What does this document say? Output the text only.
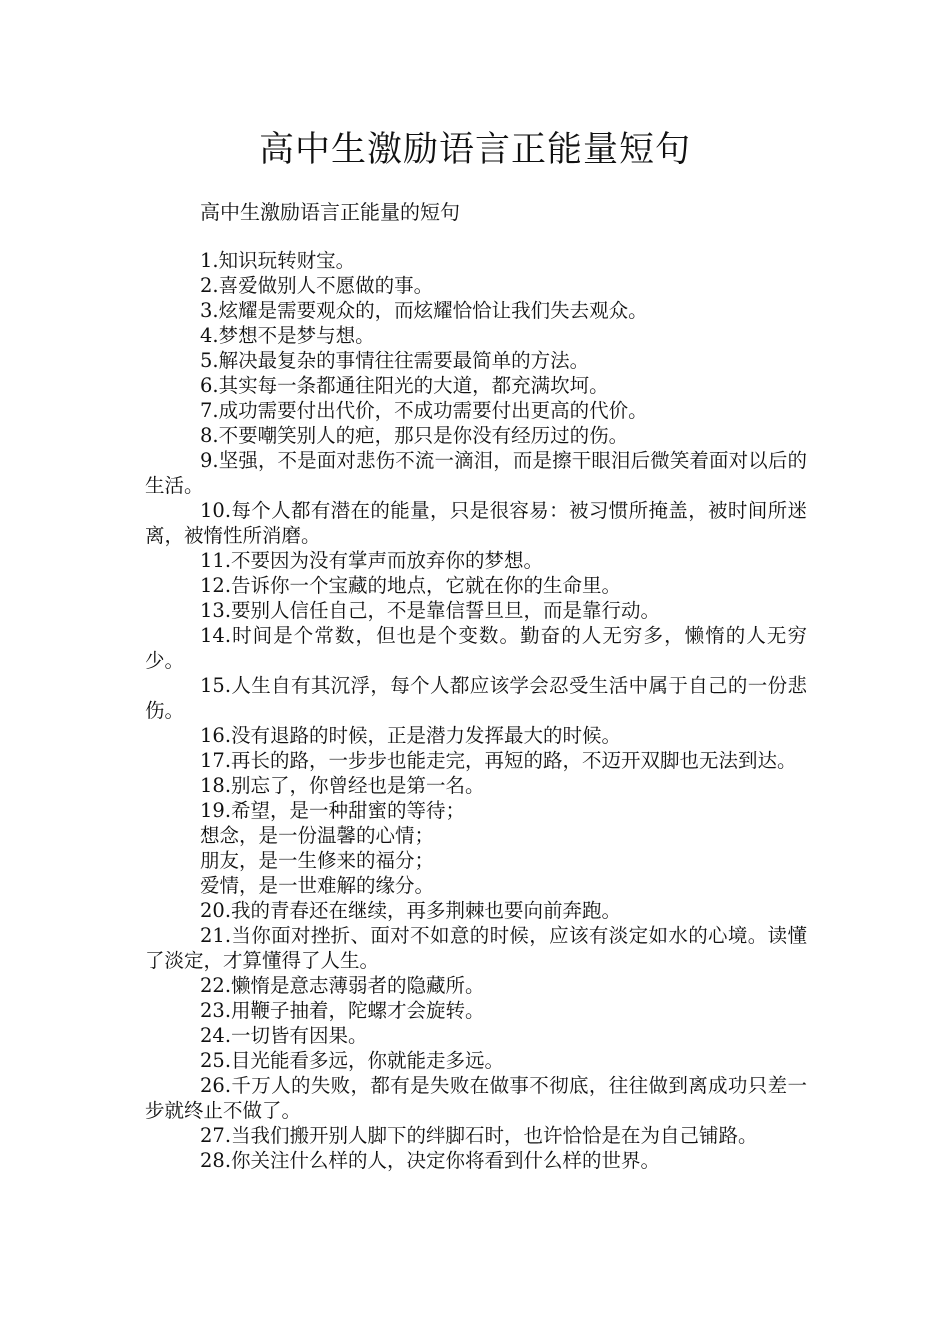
高中生激励语言正能量短句
高中生激励语言正能量的短句

1.知识玩转财宝。

2.喜爱做别人不愿做的事。

3.炫耀是需要观众的，而炫耀恰恰让我们失去观众。

4.梦想不是梦与想。

5.解决最复杂的事情往往需要最简单的方法。

6.其实每一条都通往阳光的大道，都充满坎坷。

7.成功需要付出代价，不成功需要付出更高的代价。

8.不要嘲笑别人的疤，那只是你没有经历过的伤。

9.坚强，不是面对悲伤不流一滴泪，而是擦干眼泪后微笑着面对以后的生活。

10.每个人都有潜在的能量，只是很容易：被习惯所掩盖，被时间所迷离，被惰性所消磨。

11.不要因为没有掌声而放弃你的梦想。

12.告诉你一个宝藏的地点，它就在你的生命里。

13.要别人信任自己，不是靠信誓旦旦，而是靠行动。

14.时间是个常数，但也是个变数。勤奋的人无穷多，懒惰的人无穷少。

15.人生自有其沉浮，每个人都应该学会忍受生活中属于自己的一份悲伤。

16.没有退路的时候，正是潜力发挥最大的时候。

17.再长的路，一步步也能走完，再短的路，不迈开双脚也无法到达。

18.别忘了，你曾经也是第一名。

19.希望，是一种甜蜜的等待；

想念，是一份温馨的心情；

朋友，是一生修来的福分；

爱情，是一世难解的缘分。

20.我的青春还在继续，再多荆棘也要向前奔跑。

21.当你面对挫折、面对不如意的时候，应该有淡定如水的心境。读懂了淡定，才算懂得了人生。

22.懒惰是意志薄弱者的隐藏所。

23.用鞭子抽着，陀螺才会旋转。

24.一切皆有因果。

25.目光能看多远，你就能走多远。

26.千万人的失败，都有是失败在做事不彻底，往往做到离成功只差一步就终止不做了。

27.当我们搬开别人脚下的绊脚石时，也许恰恰是在为自己铺路。

28.你关注什么样的人，决定你将看到什么样的世界。
